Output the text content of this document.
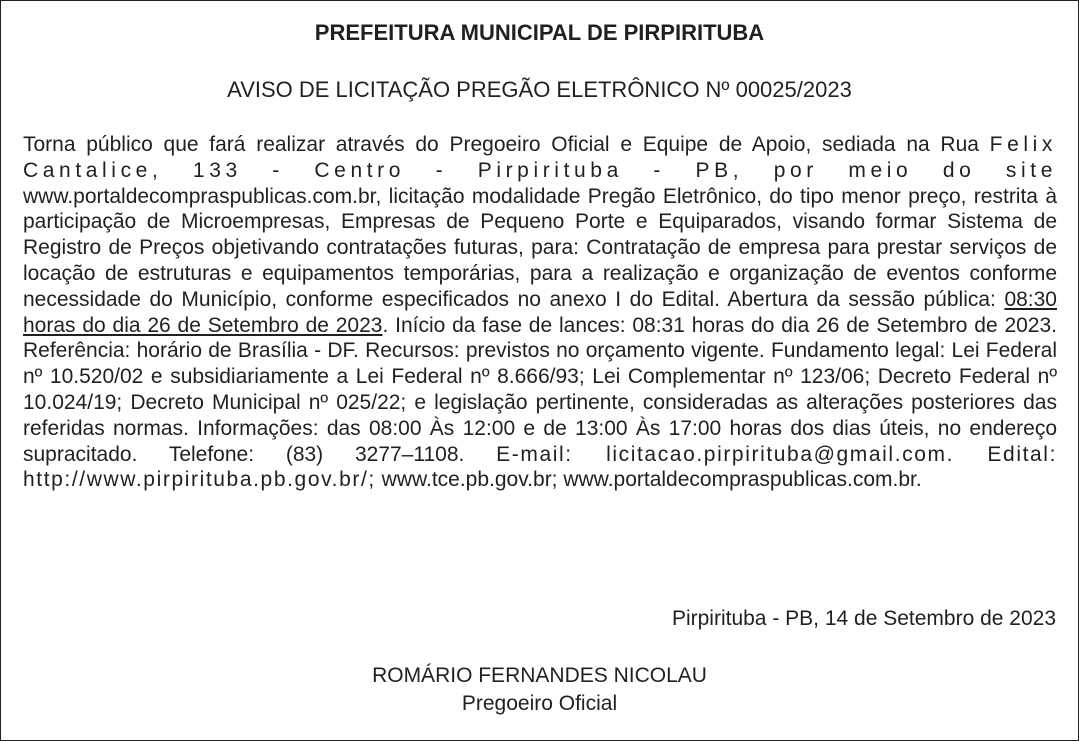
PREFEITURA MUNICIPAL DE PIRPIRITUBA
AVISO DE LICITAÇÃO PREGÃO ELETRÔNICO Nº 00025/2023

Torna público que fará realizar através do Pregoeiro Oficial e Equipe de Apoio, sediada na Rua Felix Cantalice, 133 - Centro - Pirpirituba - PB, por meio do site www.portaldecompraspublicas.com.br, licitação modalidade Pregão Eletrônico, do tipo menor preço, restrita à participação de Microempresas, Empresas de Pequeno Porte e Equiparados, visando formar Sistema de Registro de Preços objetivando contratações futuras, para: Contratação de empresa para prestar serviços de locação de estruturas e equipamentos temporárias, para a realização e organização de eventos conforme necessidade do Município, conforme especificados no anexo I do Edital. Abertura da sessão pública: 08:30 horas do dia 26 de Setembro de 2023. Início da fase de lances: 08:31 horas do dia 26 de Setembro de 2023. Referência: horário de Brasília - DF. Recursos: previstos no orçamento vigente. Fundamento legal: Lei Federal nº 10.520/02 e subsidiariamente a Lei Federal nº 8.666/93; Lei Complementar nº 123/06; Decreto Federal nº 10.024/19; Decreto Municipal nº 025/22; e legislação pertinente, consideradas as alterações posteriores das referidas normas. Informações: das 08:00 Às 12:00 e de 13:00 Às 17:00 horas dos dias úteis, no endereço supracitado. Telefone: (83) 3277–1108. E-mail: licitacao.pirpirituba@gmail.com. Edital: http://www.pirpirituba.pb.gov.br/; www.tce.pb.gov.br; www.portaldecompraspublicas.com.br.

Pirpirituba - PB, 14 de Setembro de 2023

ROMÁRIO FERNANDES NICOLAU
Pregoeiro Oficial
